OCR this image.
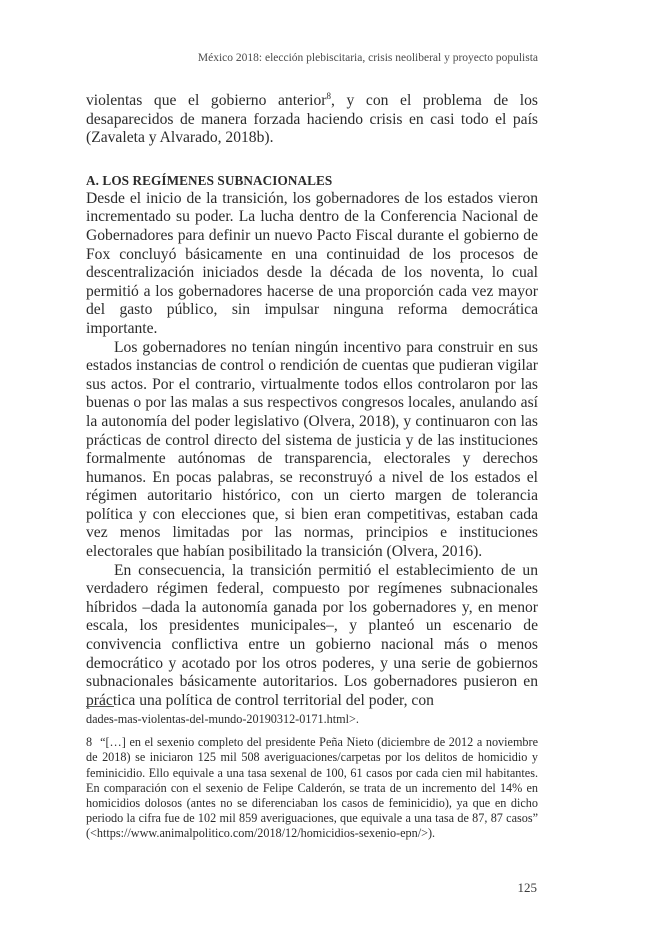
México 2018: elección plebiscitaria, crisis neoliberal y proyecto populista

violentas que el gobierno anterior$^8$, y con el problema de los desaparecidos de manera forzada haciendo crisis en casi todo el país (Zavaleta y Alvarado, 2018b).

A. LOS REGÍMENES SUBNACIONALES

Desde el inicio de la transición, los gobernadores de los estados vieron incrementado su poder. La lucha dentro de la Conferencia Nacional de Gobernadores para definir un nuevo Pacto Fiscal durante el gobierno de Fox concluyó básicamente en una continuidad de los procesos de descentralización iniciados desde la década de los noventa, lo cual permitió a los gobernadores hacerse de una proporción cada vez mayor del gasto público, sin impulsar ninguna reforma democrática importante.

Los gobernadores no tenían ningún incentivo para construir en sus estados instancias de control o rendición de cuentas que pudieran vigilar sus actos. Por el contrario, virtualmente todos ellos controlaron por las buenas o por las malas a sus respectivos congresos locales, anulando así la autonomía del poder legislativo (Olvera, 2018), y continuaron con las prácticas de control directo del sistema de justicia y de las instituciones formalmente autónomas de transparencia, electorales y derechos humanos. En pocas palabras, se reconstruyó a nivel de los estados el régimen autoritario histórico, con un cierto margen de tolerancia política y con elecciones que, si bien eran competitivas, estaban cada vez menos limitadas por las normas, principios e instituciones electorales que habían posibilitado la transición (Olvera, 2016).

En consecuencia, la transición permitió el establecimiento de un verdadero régimen federal, compuesto por regímenes subnacionales híbridos –dada la autonomía ganada por los gobernadores y, en menor escala, los presidentes municipales–, y planteó un escenario de convivencia conflictiva entre un gobierno nacional más o menos democrático y acotado por los otros poderes, y una serie de gobiernos subnacionales básicamente autoritarios. Los gobernadores pusieron en práctica una política de control territorial del poder, con

dades-mas-violentas-del-mundo-20190312-0171.html>.

8 “[…] en el sexenio completo del presidente Peña Nieto (diciembre de 2012 a noviembre de 2018) se iniciaron 125 mil 508 averiguaciones/carpetas por los delitos de homicidio y feminicidio. Ello equivale a una tasa sexenal de 100, 61 casos por cada cien mil habitantes. En comparación con el sexenio de Felipe Calderón, se trata de un incremento del 14% en homicidios dolosos (antes no se diferenciaban los casos de feminicidio), ya que en dicho periodo la cifra fue de 102 mil 859 averiguaciones, que equivale a una tasa de 87, 87 casos” (<https://www.animalpolitico.com/2018/12/homicidios-sexenio-epn/>).

125
